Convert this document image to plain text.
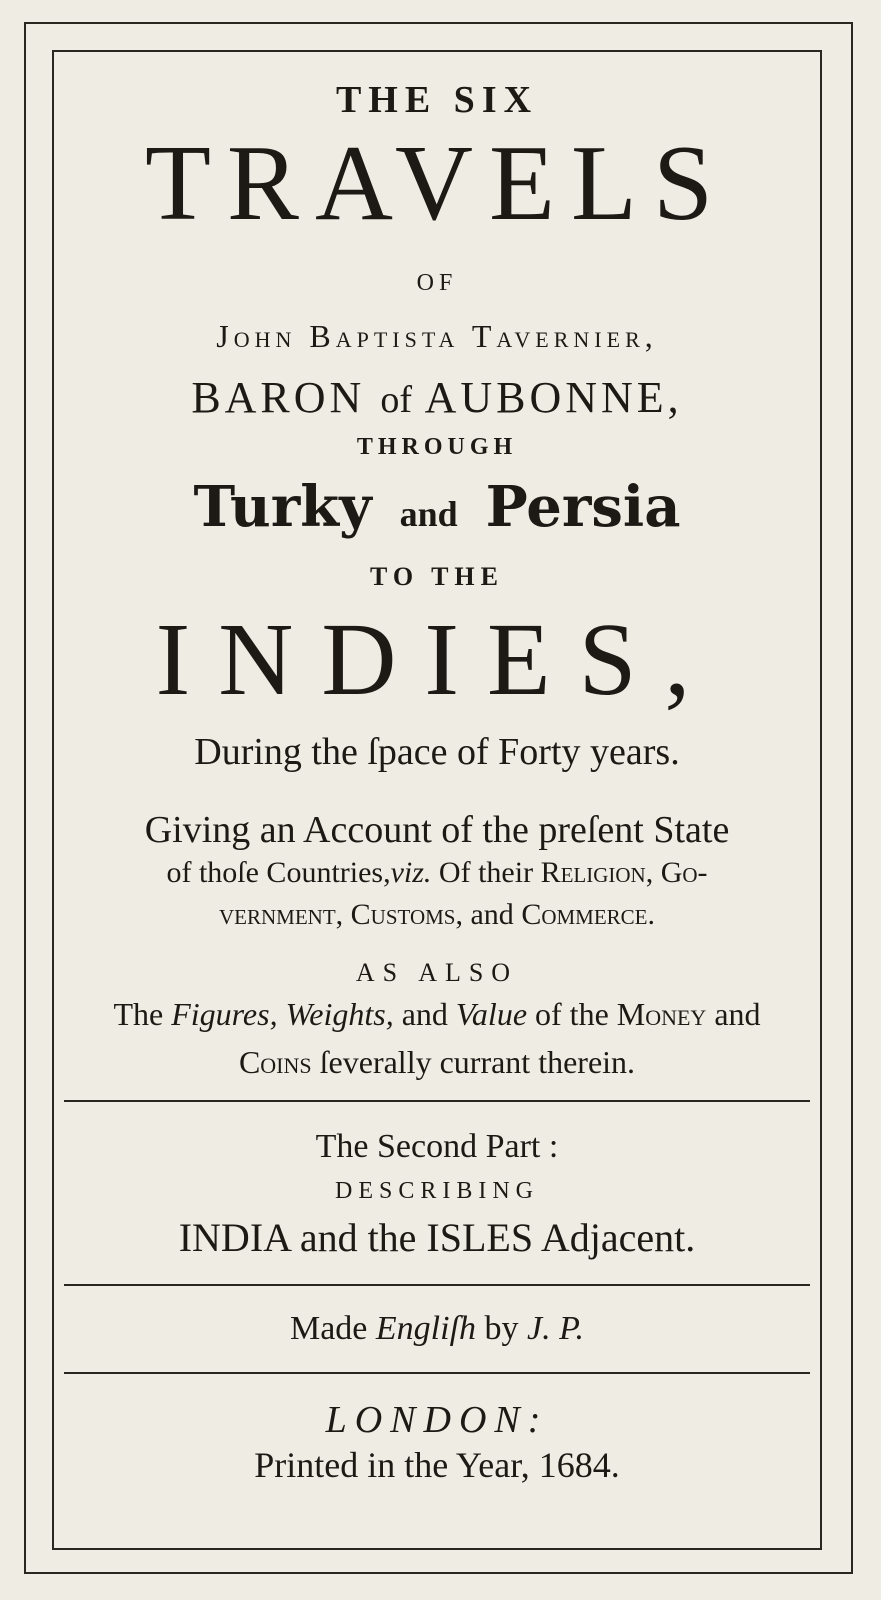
THE SIX
TRAVELS
OF
John Baptista Tavernier,
BARON of AUBONNE,
THROUGH
Turky and Persia
TO THE
INDIES,
During the ſpace of Forty years.
Giving an Account of the preſent State
of thoſe Countries,viz. Of their Religion, Go-
vernment, Customs, and Commerce.
AS ALSO
The Figures, Weights, and Value of the Money and
Coins ſeverally currant therein.
The Second Part :
DESCRIBING
INDIA and the ISLES Adjacent.
Made Engliſh by J. P.
LONDON:
Printed in the Year, 1684.
